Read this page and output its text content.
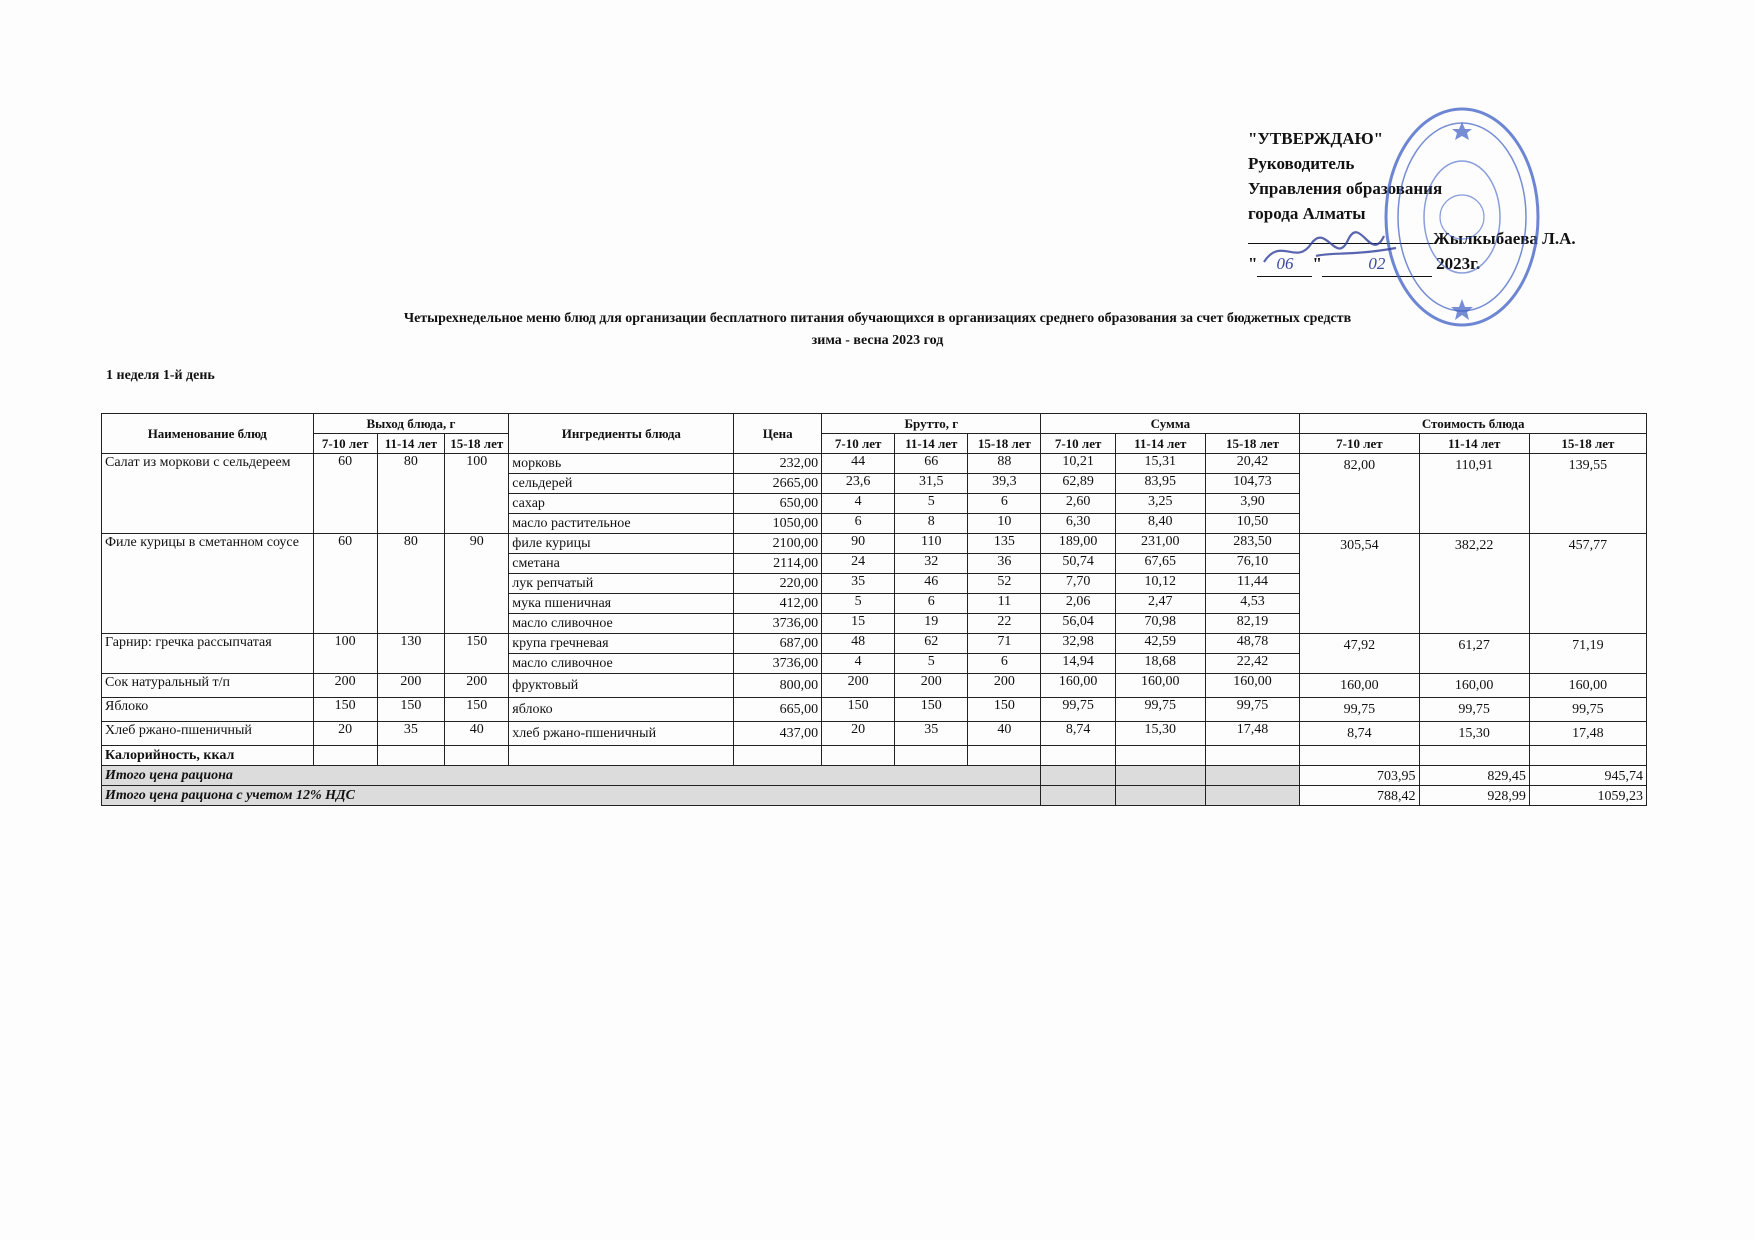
"УТВЕРЖДАЮ"
Руководитель
Управления образования
города Алматы
Жылкыбаева Л.А.
" 06 "	02	2023г.
Четырехнедельное меню блюд для организации бесплатного питания обучающихся в организациях среднего образования за счет бюджетных средств
зима - весна 2023 год
1 неделя 1-й день
Наименование блюд	Выход блюда, г			Ингредиенты блюда	Цена	Брутто, г			Сумма			Стоимость блюда		
	7-10 лет	11-14 лет	15-18 лет			7-10 лет	11-14 лет	15-18 лет	7-10 лет	11-14 лет	15-18 лет	7-10 лет	11-14 лет	15-18 лет
Салат из моркови с сельдереем	60	80	100	морковь	232,00	44	66	88	10,21	15,31	20,42	82,00	110,91	139,55
				сельдерей	2665,00	23,6	31,5	39,3	62,89	83,95	104,73			
				сахар	650,00	4	5	6	2,60	3,25	3,90			
				масло растительное	1050,00	6	8	10	6,30	8,40	10,50			
Филе курицы в сметанном соусе	60	80	90	филе курицы	2100,00	90	110	135	189,00	231,00	283,50	305,54	382,22	457,77
				сметана	2114,00	24	32	36	50,74	67,65	76,10			
				лук репчатый	220,00	35	46	52	7,70	10,12	11,44			
				мука пшеничная	412,00	5	6	11	2,06	2,47	4,53			
				масло сливочное	3736,00	15	19	22	56,04	70,98	82,19			
Гарнир: гречка рассыпчатая	100	130	150	крупа гречневая	687,00	48	62	71	32,98	42,59	48,78	47,92	61,27	71,19
				масло сливочное	3736,00	4	5	6	14,94	18,68	22,42			
Сок натуральный т/п	200	200	200	фруктовый	800,00	200	200	200	160,00	160,00	160,00	160,00	160,00	160,00
Яблоко	150	150	150	яблоко	665,00	150	150	150	99,75	99,75	99,75	99,75	99,75	99,75
Хлеб ржано-пшеничный	20	35	40	хлеб ржано-пшеничный	437,00	20	35	40	8,74	15,30	17,48	8,74	15,30	17,48
Калорийность, ккал														
Итого цена рациона												703,95	829,45	945,74
Итого цена рациона с учетом 12% НДС												788,42	928,99	1059,23
